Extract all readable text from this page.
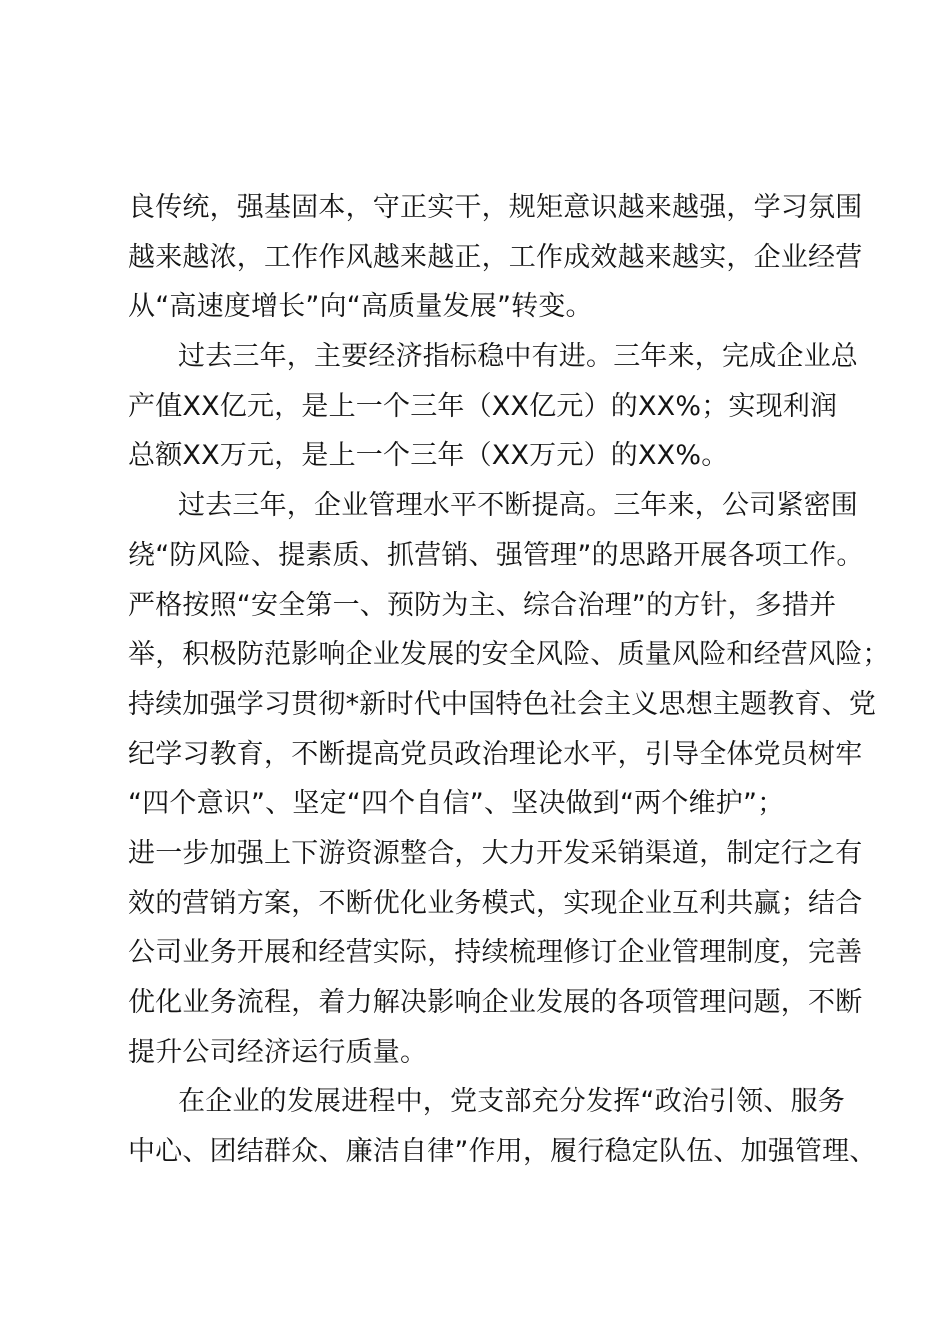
良传统，强基固本，守正实干，规矩意识越来越强，学习氛围
越来越浓，工作作风越来越正，工作成效越来越实，企业经营
从“高速度增长”向“高质量发展”转变。
过去三年，主要经济指标稳中有进。三年来，完成企业总
产值XX亿元，是上一个三年（XX亿元）的XX%；实现利润
总额XX万元，是上一个三年（XX万元）的XX%。
过去三年，企业管理水平不断提高。三年来，公司紧密围
绕“防风险、提素质、抓营销、强管理”的思路开展各项工作。
严格按照“安全第一、预防为主、综合治理”的方针，多措并
举，积极防范影响企业发展的安全风险、质量风险和经营风险；
持续加强学习贯彻*新时代中国特色社会主义思想主题教育、党
纪学习教育，不断提高党员政治理论水平，引导全体党员树牢
“四个意识”、坚定“四个自信”、坚决做到“两个维护”；
进一步加强上下游资源整合，大力开发采销渠道，制定行之有
效的营销方案，不断优化业务模式，实现企业互利共赢；结合
公司业务开展和经营实际，持续梳理修订企业管理制度，完善
优化业务流程，着力解决影响企业发展的各项管理问题，不断
提升公司经济运行质量。
在企业的发展进程中，党支部充分发挥“政治引领、服务
中心、团结群众、廉洁自律”作用，履行稳定队伍、加强管理、
